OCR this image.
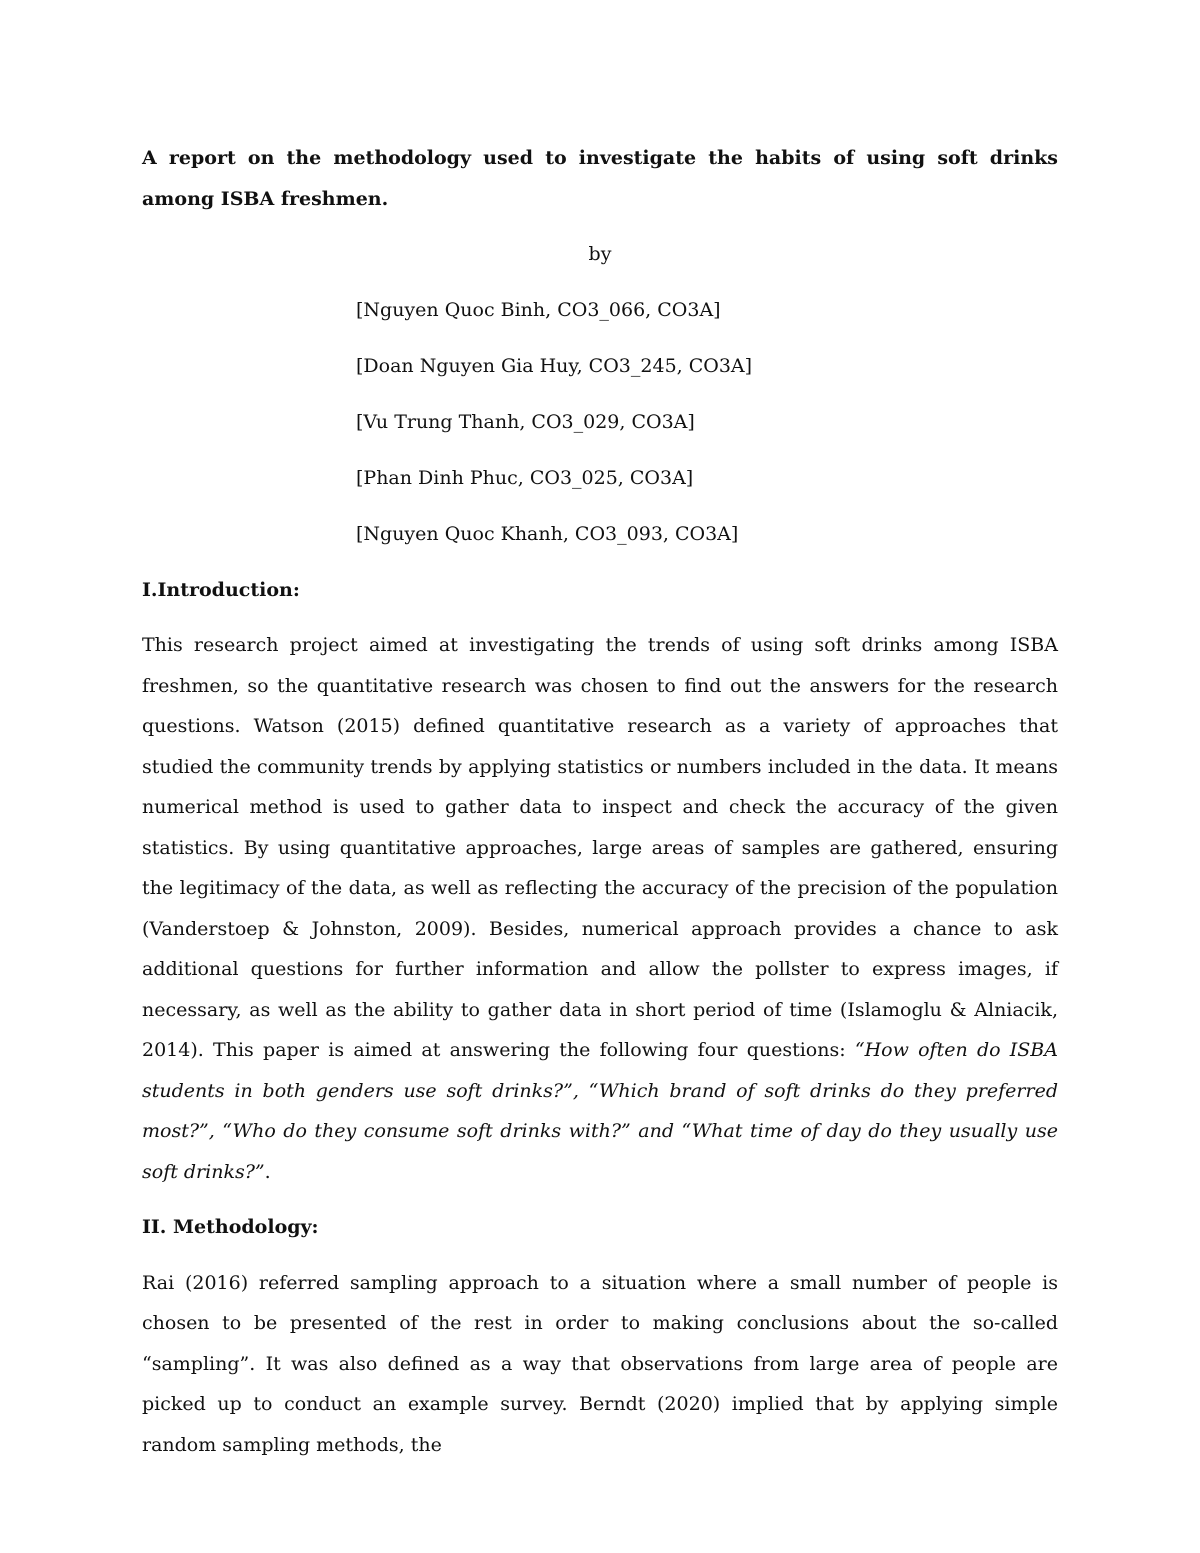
A report on the methodology used to investigate the habits of using soft drinks among ISBA freshmen.

by

[Nguyen Quoc Binh, CO3_066, CO3A]
[Doan Nguyen Gia Huy, CO3_245, CO3A]
[Vu Trung Thanh, CO3_029, CO3A]
[Phan Dinh Phuc, CO3_025, CO3A]
[Nguyen Quoc Khanh, CO3_093, CO3A]
I.Introduction:

This research project aimed at investigating the trends of using soft drinks among ISBA freshmen, so the quantitative research was chosen to find out the answers for the research questions. Watson (2015) defined quantitative research as a variety of approaches that studied the community trends by applying statistics or numbers included in the data. It means numerical method is used to gather data to inspect and check the accuracy of the given statistics. By using quantitative approaches, large areas of samples are gathered, ensuring the legitimacy of the data, as well as reflecting the accuracy of the precision of the population (Vanderstoep & Johnston, 2009). Besides, numerical approach provides a chance to ask additional questions for further information and allow the pollster to express images, if necessary, as well as the ability to gather data in short period of time (Islamoglu & Alniacik, 2014). This paper is aimed at answering the following four questions: “How often do ISBA students in both genders use soft drinks?”, “Which brand of soft drinks do they preferred most?”, “Who do they consume soft drinks with?” and “What time of day do they usually use soft drinks?”.

II. Methodology:

Rai (2016) referred sampling approach to a situation where a small number of people is chosen to be presented of the rest in order to making conclusions about the so-called “sampling”. It was also defined as a way that observations from large area of people are picked up to conduct an example survey. Berndt (2020) implied that by applying simple random sampling methods, the
